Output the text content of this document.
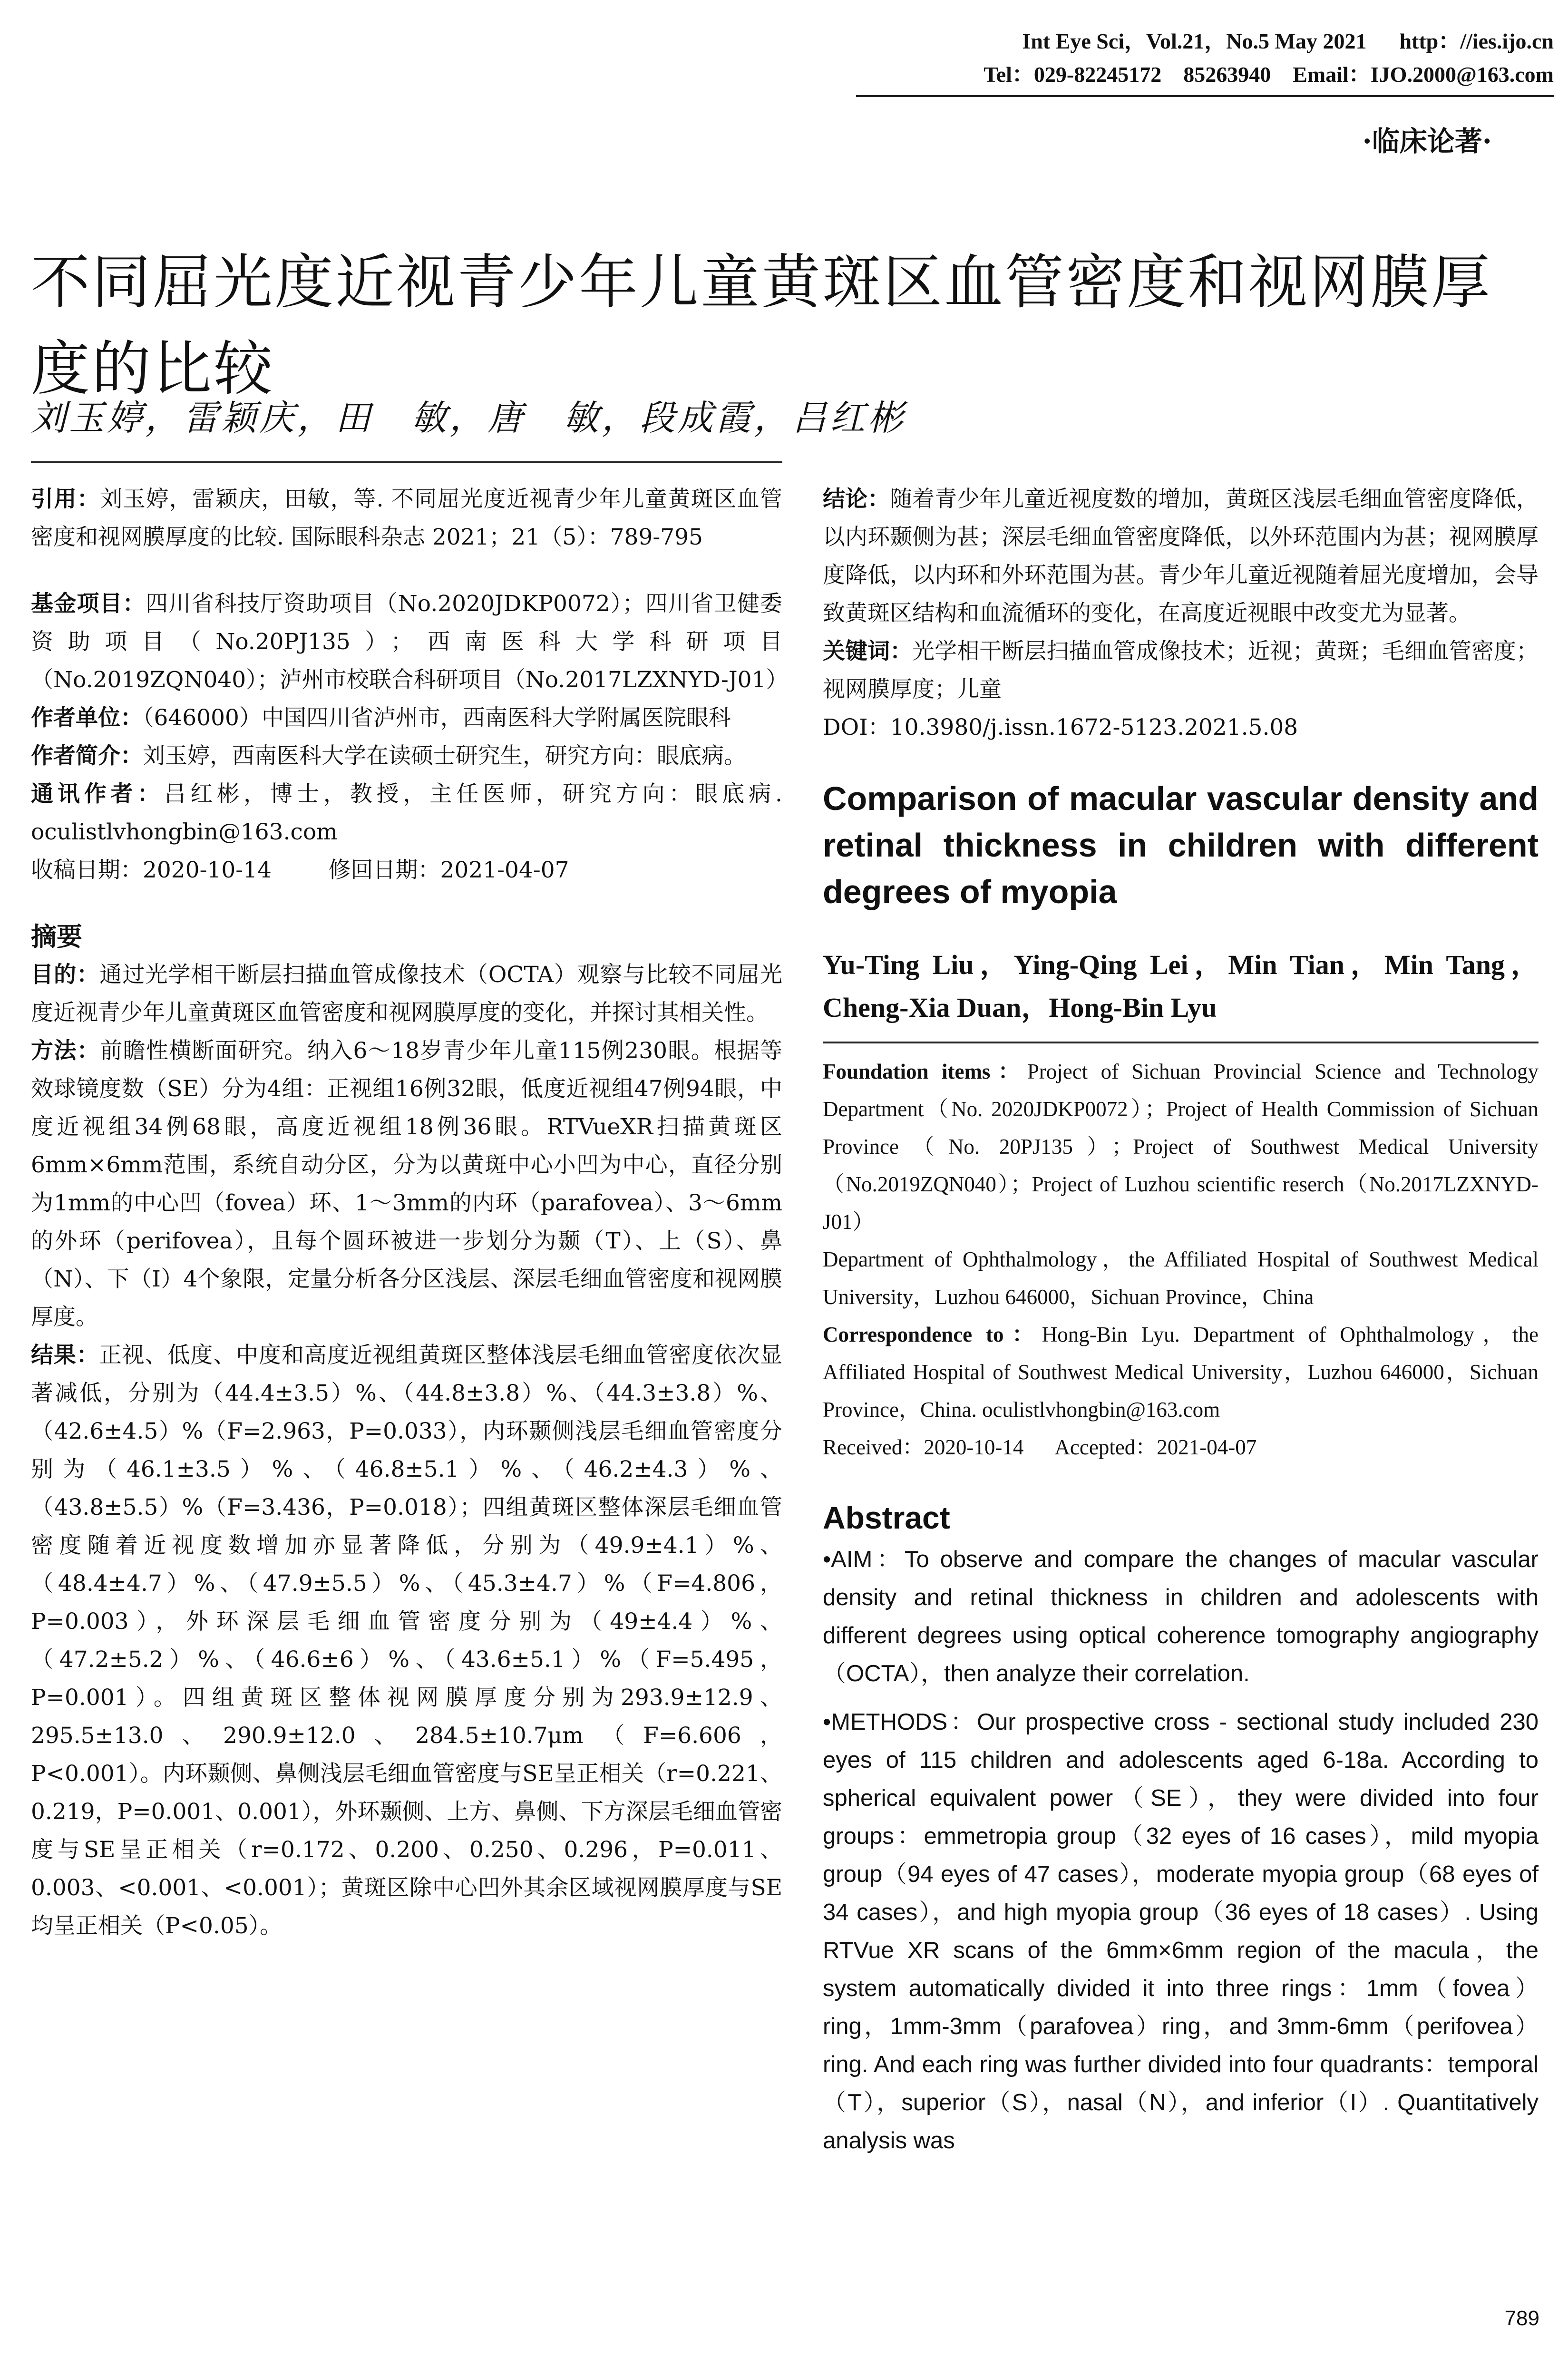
Int Eye Sci，Vol.21，No.5 May 2021      http：//ies.ijo.cn
Tel：029-82245172    85263940    Email：IJO.2000@163.com
·临床论著·
不同屈光度近视青少年儿童黄斑区血管密度和视网膜厚度的比较
刘玉婷，雷颖庆，田　敏，唐　敏，段成霞，吕红彬

引用：刘玉婷，雷颖庆，田敏，等. 不同屈光度近视青少年儿童黄斑区血管密度和视网膜厚度的比较. 国际眼科杂志 2021；21（5）：789-795

基金项目：四川省科技厅资助项目（No.2020JDKP0072）；四川省卫健委资助项目（No.20PJ135）；西南医科大学科研项目（No.2019ZQN040）；泸州市校联合科研项目（No.2017LZXNYD-J01）

作者单位：（646000）中国四川省泸州市，西南医科大学附属医院眼科

作者简介：刘玉婷，西南医科大学在读硕士研究生，研究方向：眼底病。

通讯作者：吕红彬，博士，教授，主任医师，研究方向：眼底病. oculistlvhongbin@163.com

收稿日期：2020-10-14	修回日期：2021-04-07

摘要

目的：通过光学相干断层扫描血管成像技术（OCTA）观察与比较不同屈光度近视青少年儿童黄斑区血管密度和视网膜厚度的变化，并探讨其相关性。

方法：前瞻性横断面研究。纳入6～18岁青少年儿童115例230眼。根据等效球镜度数（SE）分为4组：正视组16例32眼，低度近视组47例94眼，中度近视组34例68眼，高度近视组18例36眼。RTVueXR扫描黄斑区6mm×6mm范围，系统自动分区，分为以黄斑中心小凹为中心，直径分别为1mm的中心凹（fovea）环、1～3mm的内环（parafovea）、3～6mm的外环（perifovea），且每个圆环被进一步划分为颞（T）、上（S）、鼻（N）、下（I）4个象限，定量分析各分区浅层、深层毛细血管密度和视网膜厚度。

结果：正视、低度、中度和高度近视组黄斑区整体浅层毛细血管密度依次显著减低，分别为（44.4±3.5）%、（44.8±3.8）%、（44.3±3.8）%、（42.6±4.5）%（F=2.963，P=0.033），内环颞侧浅层毛细血管密度分别为（46.1±3.5）%、（46.8±5.1）%、（46.2±4.3）%、（43.8±5.5）%（F=3.436，P=0.018）；四组黄斑区整体深层毛细血管密度随着近视度数增加亦显著降低，分别为（49.9±4.1）%、（48.4±4.7）%、（47.9±5.5）%、（45.3±4.7）%（F=4.806，P=0.003），外环深层毛细血管密度分别为（49±4.4）%、（47.2±5.2）%、（46.6±6）%、（43.6±5.1）%（F=5.495，P=0.001）。四组黄斑区整体视网膜厚度分别为293.9±12.9、295.5±13.0、290.9±12.0、284.5±10.7μm（F=6.606，P<0.001）。内环颞侧、鼻侧浅层毛细血管密度与SE呈正相关（r=0.221、0.219，P=0.001、0.001），外环颞侧、上方、鼻侧、下方深层毛细血管密度与SE呈正相关（r=0.172、0.200、0.250、0.296，P=0.011、0.003、<0.001、<0.001）；黄斑区除中心凹外其余区域视网膜厚度与SE均呈正相关（P<0.05）。

结论：随着青少年儿童近视度数的增加，黄斑区浅层毛细血管密度降低，以内环颞侧为甚；深层毛细血管密度降低，以外环范围内为甚；视网膜厚度降低，以内环和外环范围为甚。青少年儿童近视随着屈光度增加，会导致黄斑区结构和血流循环的变化，在高度近视眼中改变尤为显著。

关键词：光学相干断层扫描血管成像技术；近视；黄斑；毛细血管密度；视网膜厚度；儿童

DOI：10.3980/j.issn.1672-5123.2021.5.08

Comparison of macular vascular density and retinal thickness in children with different degrees of myopia

Yu-Ting Liu，Ying-Qing Lei，Min Tian，Min Tang，Cheng-Xia Duan，Hong-Bin Lyu

Foundation items：Project of Sichuan Provincial Science and Technology Department（No. 2020JDKP0072）；Project of Health Commission of Sichuan Province（No. 20PJ135）；Project of Southwest Medical University（No.2019ZQN040）；Project of Luzhou scientific reserch（No.2017LZXNYD-J01）

Department of Ophthalmology，the Affiliated Hospital of Southwest Medical University，Luzhou 646000，Sichuan Province，China

Correspondence to：Hong-Bin Lyu. Department of Ophthalmology，the Affiliated Hospital of Southwest Medical University，Luzhou 646000，Sichuan Province，China. oculistlvhongbin@163.com

Received：2020-10-14      Accepted：2021-04-07

Abstract

•AIM：To observe and compare the changes of macular vascular density and retinal thickness in children and adolescents with different degrees using optical coherence tomography angiography（OCTA），then analyze their correlation.

•METHODS：Our prospective cross - sectional study included 230 eyes of 115 children and adolescents aged 6-18a. According to spherical equivalent power（SE），they were divided into four groups：emmetropia group（32 eyes of 16 cases），mild myopia group（94 eyes of 47 cases），moderate myopia group（68 eyes of 34 cases），and high myopia group（36 eyes of 18 cases）. Using RTVue XR scans of the 6mm×6mm region of the macula，the system automatically divided it into three rings：1mm（fovea）ring，1mm-3mm（parafovea）ring，and 3mm-6mm（perifovea）ring. And each ring was further divided into four quadrants：temporal（T），superior（S），nasal（N），and inferior（I）. Quantitatively analysis was

789
